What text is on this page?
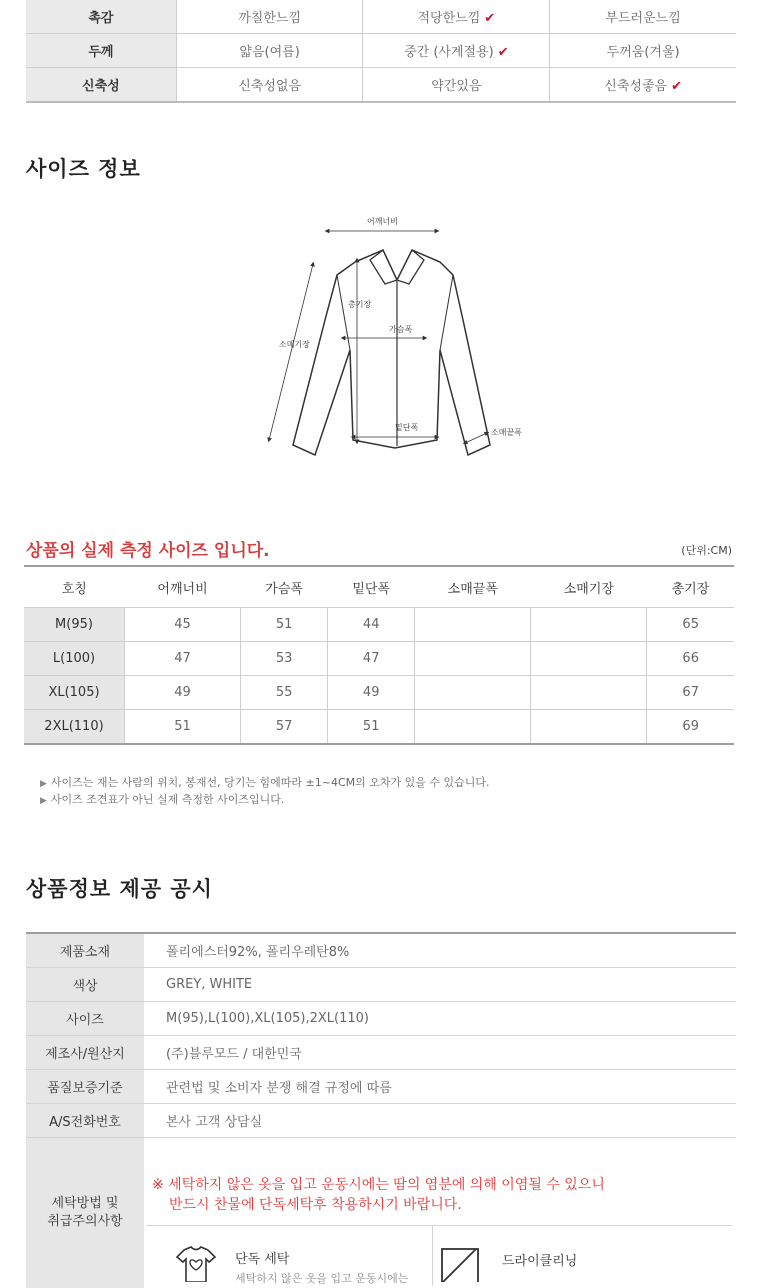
촉감	까칠한느낌	적당한느낌 ✔	부드러운느낌
두께	얇음(여름)	중간 (사계절용) ✔	두꺼움(겨울)
신축성	신축성없음	약간있음	신축성좋음 ✔
사이즈 정보
어깨너비
총기장
가슴폭
소매기장
밑단폭
소매끝폭
상품의 실제 측정 사이즈 입니다.	(단위:CM)
호칭	어깨너비	가슴폭	밑단폭	소매끝폭	소매기장	총기장
M(95)	45	51	44			65
L(100)	47	53	47			66
XL(105)	49	55	49			67
2XL(110)	51	57	51			69
▶ 사이즈는 재는 사람의 위치, 봉재선, 당기는 힘에따라 ±1~4CM의 오차가 있을 수 있습니다.
▶ 사이즈 조견표가 아닌 실제 측정한 사이즈입니다.
상품정보 제공 공시
제품소재	폴리에스터92%, 폴리우레탄8%
색상	GREY, WHITE
사이즈	M(95),L(100),XL(105),2XL(110)
제조사/원산지	(주)블루모드 / 대한민국
품질보증기준	관련법 및 소비자 분쟁 해결 규정에 따름
A/S전화번호	본사 고객 상담실

세탁방법 및
취급주의사항	

※ 세탁하지 않은 옷을 입고 운동시에는 땀의 염분에 의해 이염될 수 있으니
반드시 찬물에 단독세탁후 착용하시기 바랍니다.
단독 세탁
세탁하지 않은 옷을 입고 운동시에는
드라이클리닝
